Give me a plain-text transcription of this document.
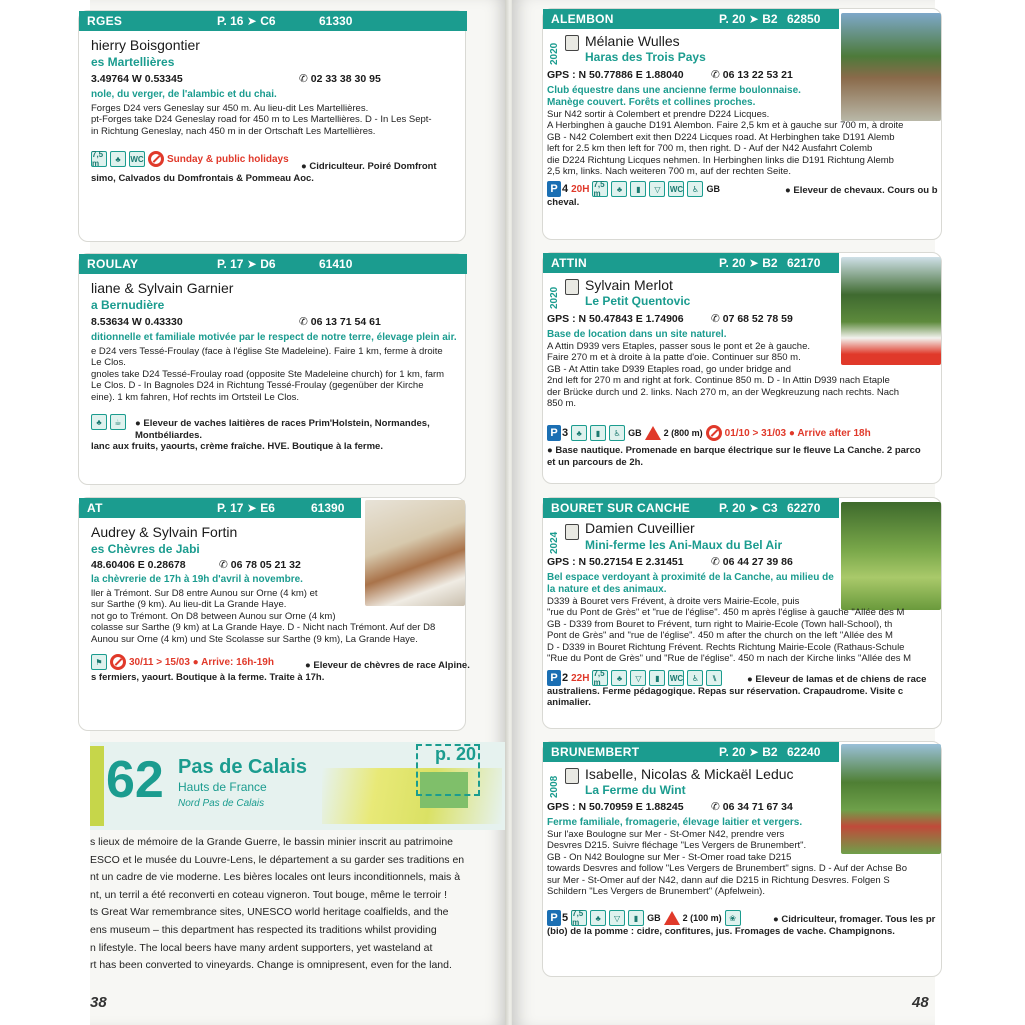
RGES	P. 16 ➤ C6	61330
hierry Boisgontier
es Martellières
3.49764 W 0.53345	✆ 02 33 38 30 95
nole, du verger, de l'alambic et du chai.
Forges D24 vers Geneslay sur 450 m. Au lieu-dit Les Martellières.
pt-Forges take D24 Geneslay road for 450 m to Les Martellières. D - In Les Sept-
in Richtung Geneslay, nach 450 m in der Ortschaft Les Martellières.
7,5 m	♣	WC Sunday & public holidays
● Cidriculteur. Poiré Domfront
simo, Calvados du Domfrontais & Pommeau Aoc.
ROULAY	P. 17 ➤ D6	61410
liane & Sylvain Garnier
a Bernudière
8.53634 W 0.43330	✆ 06 13 71 54 61
ditionnelle et familiale motivée par le respect de notre terre, élevage plein air.
e D24 vers Tessé-Froulay (face à l'église Ste Madeleine). Faire 1 km, ferme à droite
Le Clos.
gnoles take D24 Tessé-Froulay road (opposite Ste Madeleine church) for 1 km, farm
Le Clos. D - In Bagnoles D24 in Richtung Tessé-Froulay (gegenüber der Kirche
eine). 1 km fahren, Hof rechts im Ortsteil Le Clos.
♣	☕	● Eleveur de vaches laitières de races Prim'Holstein, Normandes, Montbéliardes.
lanc aux fruits, yaourts, crème fraîche. HVE. Boutique à la ferme.
AT	P. 17 ➤ E6	61390
Audrey & Sylvain Fortin
es Chèvres de Jabi
48.60406 E 0.28678	✆ 06 78 05 21 32
la chèvrerie de 17h à 19h d'avril à novembre.
ller à Trémont. Sur D8 entre Aunou sur Orne (4 km) et
sur Sarthe (9 km). Au lieu-dit La Grande Haye.
not go to Trémont. On D8 between Aunou sur Orne (4 km)
colasse sur Sarthe (9 km) at La Grande Haye. D - Nicht nach Trémont. Auf der D8
Aunou sur Orne (4 km) und Ste Scolasse sur Sarthe (9 km), La Grande Haye.
⚑	30/11 > 15/03 ● Arrive: 16h-19h	● Eleveur de chèvres de race Alpine.
s fermiers, yaourt. Boutique à la ferme. Traite à 17h.
62 Pas de Calais
Hauts de France
Nord Pas de Calais
p. 20
s lieux de mémoire de la Grande Guerre, le bassin minier inscrit au patrimoine
ESCO et le musée du Louvre-Lens, le département a su garder ses traditions en
nt un cadre de vie moderne. Les bières locales ont leurs inconditionnels, mais à
nt, un terril a été reconverti en coteau vigneron. Tout bouge, même le terroir !
ts Great War remembrance sites, UNESCO world heritage coalfields, and the
ens museum – this department has respected its traditions whilst providing
n lifestyle. The local beers have many ardent supporters, yet wasteland at
rt has been converted to vineyards. Change is omnipresent, even for the land.
38
ALEMBON	P. 20 ➤ B2 62850
2020
Mélanie Wulles
Haras des Trois Pays
GPS : N 50.77886 E 1.88040	✆ 06 13 22 53 21
Club équestre dans une ancienne ferme boulonnaise.
Manège couvert. Forêts et collines proches.
Sur N42 sortir à Colembert et prendre D224 Licques.
A Herbinghen à gauche D191 Alembon. Faire 2,5 km et à gauche sur 700 m, à droite
GB - N42 Colembert exit then D224 Licques road. At Herbinghen take D191 Alemb
left for 2.5 km then left for 700 m, then right. D - Auf der N42 Ausfahrt Colemb
die D224 Richtung Licques nehmen. In Herbinghen links die D191 Richtung Alemb
2,5 km, links. Nach weiteren 700 m, auf der rechten Seite.
P 4 20H 7,5 m	♣	▮	▽	WC	♿ GB	● Eleveur de chevaux. Cours ou b
cheval.
ATTIN	P. 20 ➤ B2 62170
2020
Sylvain Merlot
Le Petit Quentovic
GPS : N 50.47843 E 1.74906	✆ 07 68 52 78 59
Base de location dans un site naturel.
A Attin D939 vers Etaples, passer sous le pont et 2e à gauche.
Faire 270 m et à droite à la patte d'oie. Continuer sur 850 m.
GB - At Attin take D939 Etaples road, go under bridge and
2nd left for 270 m and right at fork. Continue 850 m. D - In Attin D939 nach Etaple
der Brücke durch und 2. links. Nach 270 m, an der Wegkreuzung nach rechts. Nach
850 m.
P 3	♣	▮	♿ GB 2 (800 m) 01/10 > 31/03 ● Arrive after 18h
● Base nautique. Promenade en barque électrique sur le fleuve La Canche. 2 parco
et un parcours de 2h.
BOURET SUR CANCHE P. 20 ➤ C3 62270
2024
Damien Cuveillier
Mini-ferme les Ani-Maux du Bel Air
GPS : N 50.27154 E 2.31451	✆ 06 44 27 39 86
Bel espace verdoyant à proximité de la Canche, au milieu de
la nature et des animaux.
D339 à Bouret vers Frévent, à droite vers Mairie-Ecole, puis
"rue du Pont de Grès" et "rue de l'église". 450 m après l'église à gauche "Allée des M
GB - D339 from Bouret to Frévent, turn right to Mairie-Ecole (Town hall-School), th
Pont de Grès" and "rue de l'église". 450 m after the church on the left "Allée des M
D - D339 in Bouret Richtung Frévent. Rechts Richtung Mairie-Ecole (Rathaus-Schule
"Rue du Pont de Grès" und "Rue de l'église". 450 m nach der Kirche links "Allée des M
P 2 22H 7,5 m	♣	▽	▮	WC	♿	⑊	● Eleveur de lamas et de chiens de race
australiens. Ferme pédagogique. Repas sur réservation. Crapaudrome. Visite c
animalier.
BRUNEMBERT	P. 20 ➤ B2 62240
2008
Isabelle, Nicolas & Mickaël Leduc
La Ferme du Wint
GPS : N 50.70959 E 1.88245	✆ 06 34 71 67 34
Ferme familiale, fromagerie, élevage laitier et vergers.
Sur l'axe Boulogne sur Mer - St-Omer N42, prendre vers
Desvres D215. Suivre fléchage "Les Vergers de Brunembert".
GB - On N42 Boulogne sur Mer - St-Omer road take D215
towards Desvres and follow "Les Vergers de Brunembert" signs. D - Auf der Achse Bo
sur Mer - St-Omer auf der N42, dann auf die D215 in Richtung Desvres. Folgen S
Schildern "Les Vergers de Brunembert" (Apfelwein).
P 5 7,5 m	♣	▽	▮ GB 2 (100 m) ❀	● Cidriculteur, fromager. Tous les pr
(bio) de la pomme : cidre, confitures, jus. Fromages de vache. Champignons.
48
